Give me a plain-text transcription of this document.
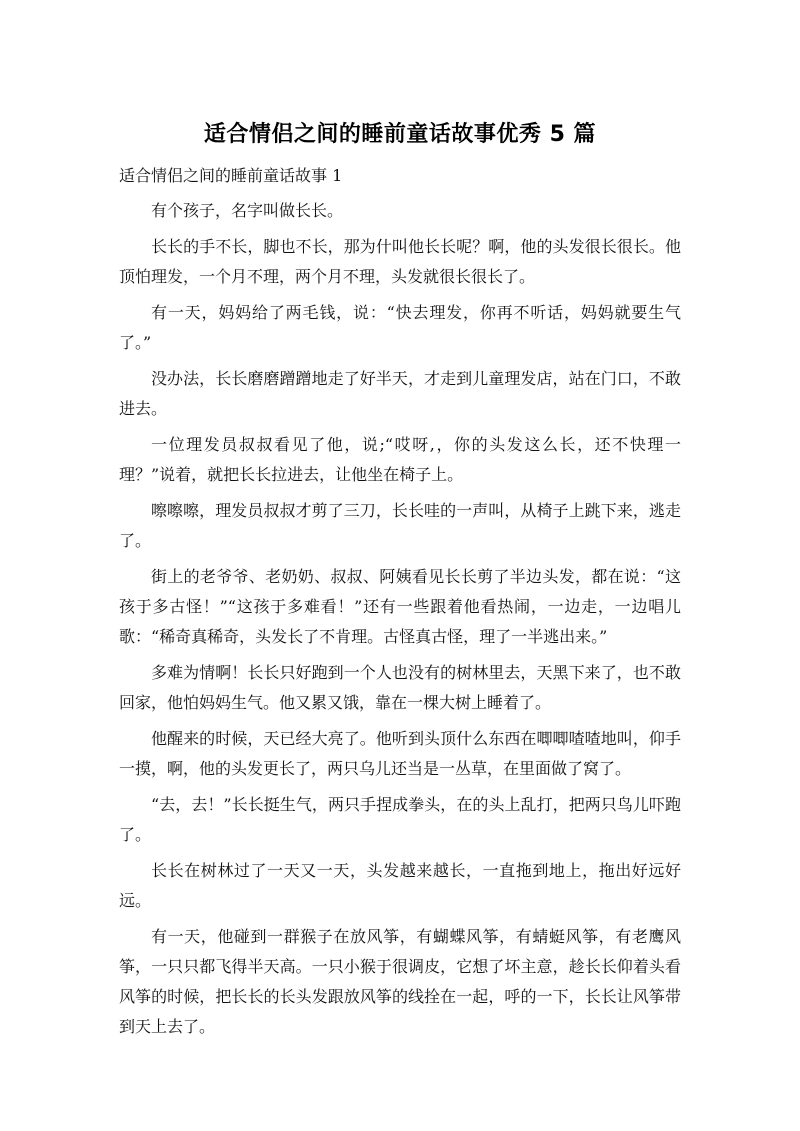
适合情侣之间的睡前童话故事优秀 5 篇
适合情侣之间的睡前童话故事 1

有个孩子，名字叫做长长。

长长的手不长，脚也不长，那为什叫他长长呢？啊，他的头发很长很长。他顶怕理发，一个月不理，两个月不理，头发就很长很长了。

有一天，妈妈给了两毛钱，说：“快去理发，你再不听话，妈妈就要生气了。”

没办法，长长磨磨蹭蹭地走了好半天，才走到儿童理发店，站在门口，不敢进去。

一位理发员叔叔看见了他，说;“哎呀,，你的头发这么长，还不快理一理？”说着，就把长长拉进去，让他坐在椅子上。

嚓嚓嚓，理发员叔叔才剪了三刀，长长哇的一声叫，从椅子上跳下来，逃走了。

街上的老爷爷、老奶奶、叔叔、阿姨看见长长剪了半边头发，都在说：“这孩于多古怪！”“这孩于多难看！”还有一些跟着他看热闹，一边走，一边唱儿歌：“稀奇真稀奇，头发长了不肯理。古怪真古怪，理了一半逃出来。”

多难为情啊！长长只好跑到一个人也没有的树林里去，天黑下来了，也不敢回家，他怕妈妈生气。他又累又饿，靠在一棵大树上睡着了。

他醒来的时候，天已经大亮了。他听到头顶什么东西在唧唧喳喳地叫，仰手一摸，啊，他的头发更长了，两只乌儿还当是一丛草，在里面做了窝了。

“去，去！”长长挺生气，两只手捏成拳头，在的头上乱打，把两只鸟儿吓跑了。

长长在树林过了一天又一天，头发越来越长，一直拖到地上，拖出好远好远。

有一天，他碰到一群猴子在放风筝，有蝴蝶风筝，有蜻蜓风筝，有老鹰风筝，一只只都飞得半天高。一只小猴于很调皮，它想了坏主意，趁长长仰着头看风筝的时候，把长长的长头发跟放风筝的线拴在一起，呼的一下，长长让风筝带到天上去了。
